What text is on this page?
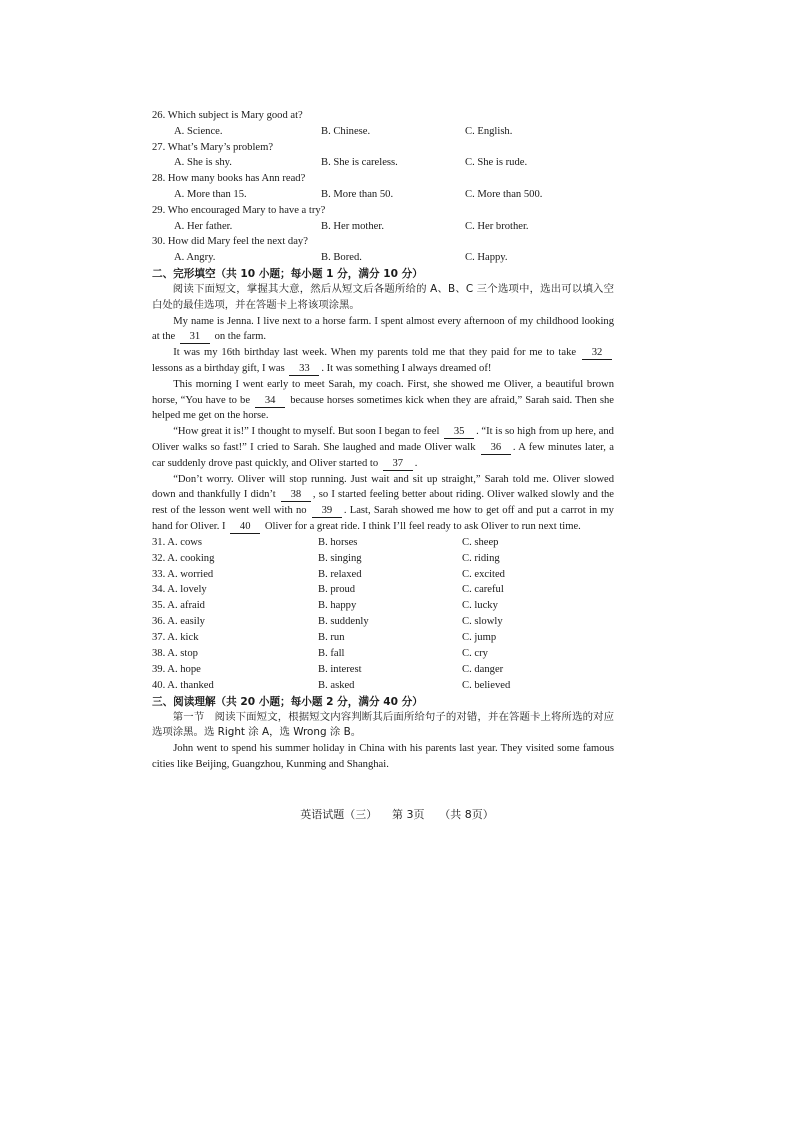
26. Which subject is Mary good at?
A. Science.	B. Chinese.	C. English.
27. What’s Mary’s problem?
A. She is shy.	B. She is careless.	C. She is rude.
28. How many books has Ann read?
A. More than 15.	B. More than 50.	C. More than 500.
29. Who encouraged Mary to have a try?
A. Her father.	B. Her mother.	C. Her brother.
30. How did Mary feel the next day?
A. Angry.	B. Bored.	C. Happy.
二、完形填空（共 10 小题；每小题 1 分，满分 10 分）

阅读下面短文，掌握其大意，然后从短文后各题所给的 A、B、C 三个选项中，选出可以填入空白处的最佳选项，并在答题卡上将该项涂黑。

My name is Jenna. I live next to a horse farm. I spent almost every afternoon of my childhood looking at the 31 on the farm.

It was my 16th birthday last week. When my parents told me that they paid for me to take 32 lessons as a birthday gift, I was 33 . It was something I always dreamed of!

This morning I went early to meet Sarah, my coach. First, she showed me Oliver, a beautiful brown horse, “You have to be 34 because horses sometimes kick when they are afraid,” Sarah said. Then she helped me get on the horse.

“How great it is!” I thought to myself. But soon I began to feel 35 . “It is so high from up here, and Oliver walks so fast!” I cried to Sarah. She laughed and made Oliver walk 36 . A few minutes later, a car suddenly drove past quickly, and Oliver started to 37 .

“Don’t worry. Oliver will stop running. Just wait and sit up straight,” Sarah told me. Oliver slowed down and thankfully I didn’t 38 , so I started feeling better about riding. Oliver walked slowly and the rest of the lesson went well with no 39 . Last, Sarah showed me how to get off and put a carrot in my hand for Oliver. I 40 Oliver for a great ride. I think I’ll feel ready to ask Oliver to run next time.

31. A. cows	B. horses	C. sheep
32. A. cooking	B. singing	C. riding
33. A. worried	B. relaxed	C. excited
34. A. lovely	B. proud	C. careful
35. A. afraid	B. happy	C. lucky
36. A. easily	B. suddenly	C. slowly
37. A. kick	B. run	C. jump
38. A. stop	B. fall	C. cry
39. A. hope	B. interest	C. danger
40. A. thanked	B. asked	C. believed
三、阅读理解（共 20 小题；每小题 2 分，满分 40 分）

第一节 阅读下面短文，根据短文内容判断其后面所给句子的对错，并在答题卡上将所选的对应选项涂黑。选 Right 涂 A，选 Wrong 涂 B。

John went to spend his summer holiday in China with his parents last year. They visited some famous cities like Beijing, Guangzhou, Kunming and Shanghai.

英语试题（三） 第 3页 （共 8页）
